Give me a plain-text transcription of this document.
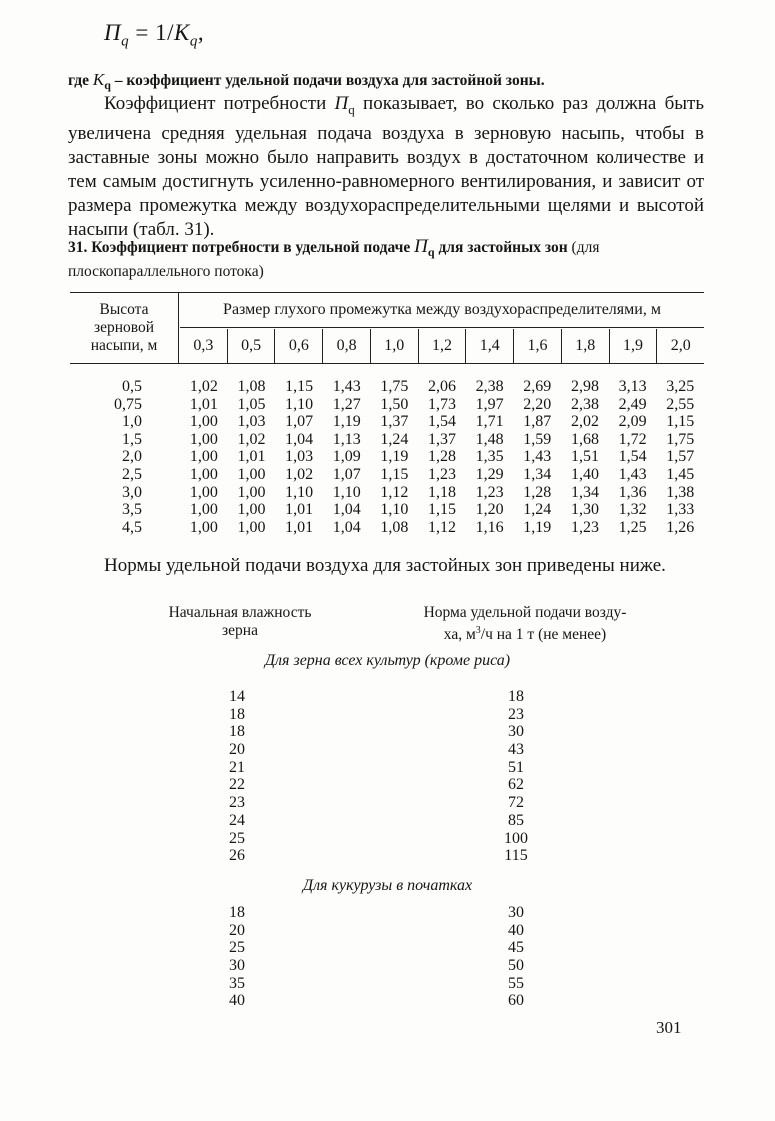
$П_q = 1/K_q$,
где $K_q$ – коэффициент удельной подачи воздуха для застойной зоны.
Коэффициент потребности $П_q$ показывает, во сколько раз должна быть увеличена средняя удельная подача воздуха в зерновую насыпь, чтобы в заставные зоны можно было направить воздух в достаточном количестве и тем самым достигнуть усиленно-равномерного вентилирования, и зависит от размера промежутка между воздухораспределительными щелями и высотой насыпи (табл. 31).
31. Коэффициент потребности в удельной подаче $П_q$ для застойных зон (для плоскопараллельного потока)
Высота зерновой насыпи, м
Размер глухого промежутка между воздухораспределителями, м
0,3	0,5	0,6	0,8	1,0	1,2	1,4	1,6	1,8	1,9	2,0
0,5	1,02	1,08	1,15	1,43	1,75	2,06	2,38	2,69	2,98	3,13	3,25
0,75	1,01	1,05	1,10	1,27	1,50	1,73	1,97	2,20	2,38	2,49	2,55
1,0	1,00	1,03	1,07	1,19	1,37	1,54	1,71	1,87	2,02	2,09	1,15
1,5	1,00	1,02	1,04	1,13	1,24	1,37	1,48	1,59	1,68	1,72	1,75
2,0	1,00	1,01	1,03	1,09	1,19	1,28	1,35	1,43	1,51	1,54	1,57
2,5	1,00	1,00	1,02	1,07	1,15	1,23	1,29	1,34	1,40	1,43	1,45
3,0	1,00	1,00	1,10	1,10	1,12	1,18	1,23	1,28	1,34	1,36	1,38
3,5	1,00	1,00	1,01	1,04	1,10	1,15	1,20	1,24	1,30	1,32	1,33
4,5	1,00	1,00	1,01	1,04	1,08	1,12	1,16	1,19	1,23	1,25	1,26
Нормы удельной подачи воздуха для застойных зон приведены ниже.
Начальная влажность
зерна
Норма удельной подачи возду-
ха, $м^3/ч$ на 1 т (не менее)
Для зерна всех культур (кроме риса)
14	18
18	23
18	30
20	43
21	51
22	62
23	72
24	85
25	100
26	115
Для кукурузы в початках
18	30
20	40
25	45
30	50
35	55
40	60
301
